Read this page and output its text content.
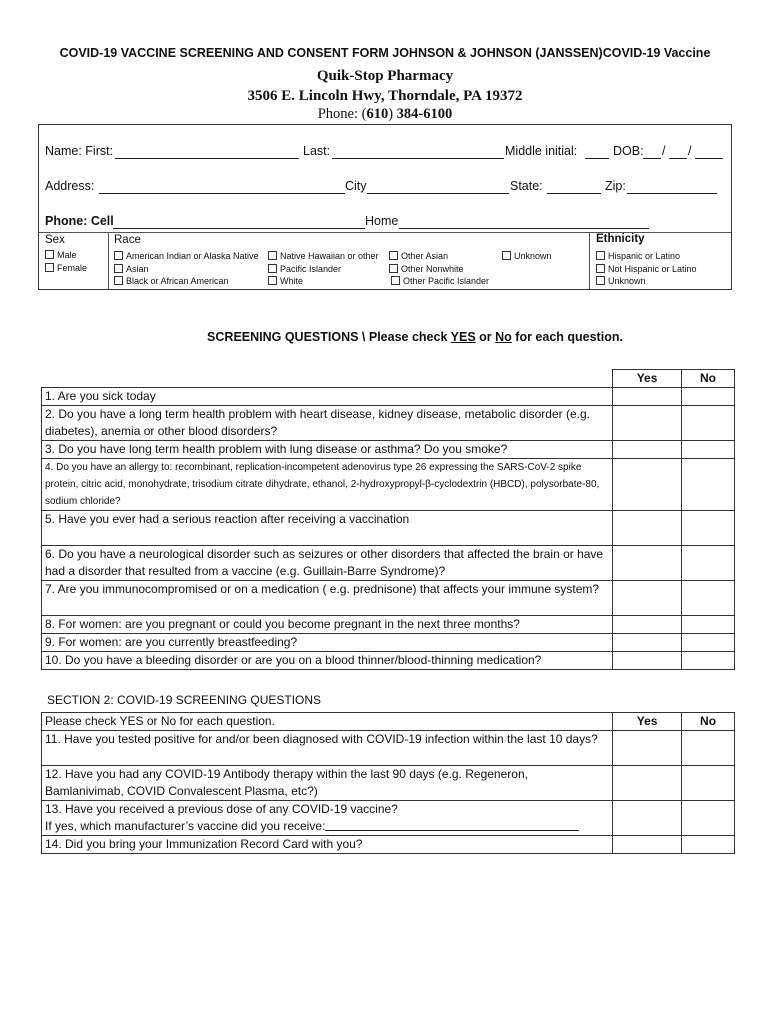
COVID-19 VACCINE SCREENING AND CONSENT FORM JOHNSON & JOHNSON (JANSSEN)COVID-19 Vaccine
Quik-Stop Pharmacy
3506 E. Lincoln Hwy, Thorndale, PA 19372
Phone: (610) 384-6100
Name: First:	Last:	Middle initial:	DOB: / /
Address:	City	State:	Zip:
Phone: Cell	Home
Sex
Male
Female
Race
American Indian or Alaska Native	Native Hawaiian or other	Other Asian	Unknown
Asian	Pacific Islander	Other Nonwhite
Black or African American	White	Other Pacific Islander
Ethnicity
Hispanic or Latino
Not Hispanic or Latino
Unknown
SCREENING QUESTIONS \ Please check YES or No for each question.
	Yes	No
1. Are you sick today		
2. Do you have a long term health problem with heart disease, kidney disease, metabolic disorder (e.g. diabetes), anemia or other blood disorders?		
3. Do you have long term health problem with lung disease or asthma? Do you smoke?		
4. Do you have an allergy to: recombinant, replication-incompetent adenovirus type 26 expressing the SARS-CoV-2 spike protein, citric acid, monohydrate, trisodium citrate dihydrate, ethanol, 2-hydroxypropyl-β-cyclodextrin (HBCD), polysorbate-80, sodium chloride?		
5. Have you ever had a serious reaction after receiving a vaccination		
6. Do you have a neurological disorder such as seizures or other disorders that affected the brain or have had a disorder that resulted from a vaccine (e.g. Guillain-Barre Syndrome)?		
7. Are you immunocompromised or on a medication ( e.g. prednisone) that affects your immune system?		
8. For women: are you pregnant or could you become pregnant in the next three months?		
9. For women: are you currently breastfeeding?		
10. Do you have a bleeding disorder or are you on a blood thinner/blood-thinning medication?		
SECTION 2: COVID-19 SCREENING QUESTIONS
Please check YES or No for each question.	Yes	No
11. Have you tested positive for and/or been diagnosed with COVID-19 infection within the last 10 days?		
12. Have you had any COVID-19 Antibody therapy within the last 90 days (e.g. Regeneron, Bamlanivimab, COVID Convalescent Plasma, etc?)		

13. Have you received a previous dose of any COVID-19 vaccine?
If yes, which manufacturer’s vaccine did you receive:		

14. Did you bring your Immunization Record Card with you?		
